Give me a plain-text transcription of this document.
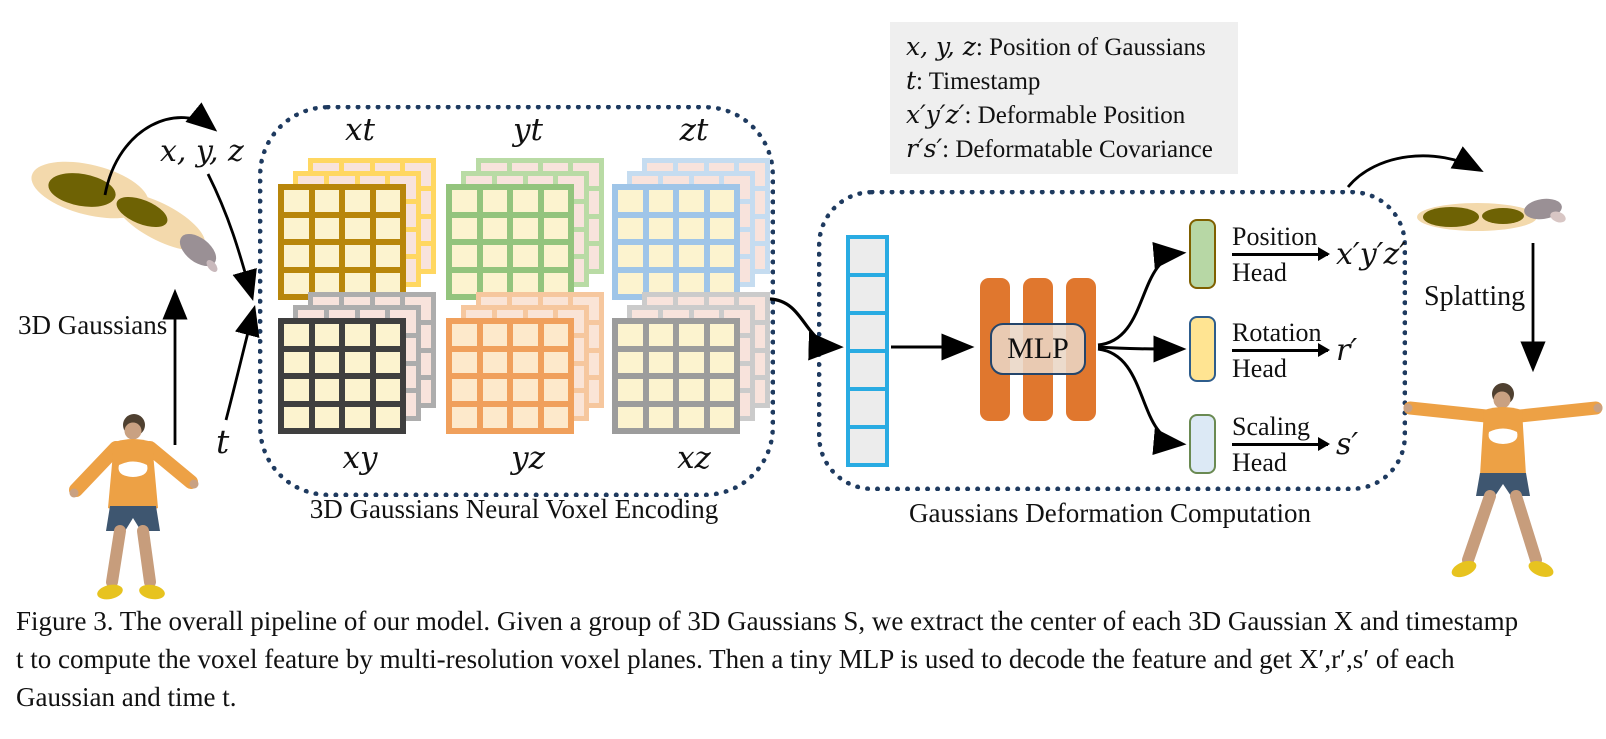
x, y, z
3D Gaussians
t
3D Gaussians Neural Voxel Encoding
xt	yt	zt
xy	yz	xz
x, y, z: Position of Gaussians
t: Timestamp
x′y′z′: Deformable Position
r′s′: Deformatable Covariance
Gaussians Deformation Computation
MLP
$\frac{\text{Position}}{\text{Head}} x'y'z'$
$\frac{\text{Rotation}}{\text{Head}} r'$
$\frac{\text{Scaling}}{\text{Head}} s'$
Splatting
Figure 3. The overall pipeline of our model. Given a group of 3D Gaussians S, we extract the center of each 3D Gaussian X and timestamp
t to compute the voxel feature by multi-resolution voxel planes. Then a tiny MLP is used to decode the feature and get X′,r′,s′ of each
Gaussian and time t.
